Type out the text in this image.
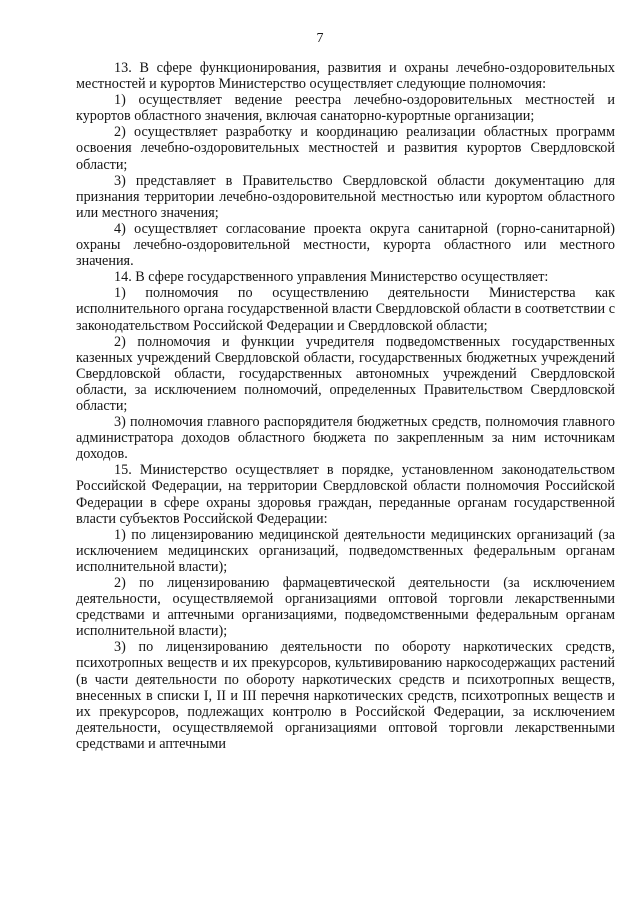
7

13. В сфере функционирования, развития и охраны лечебно-оздоровительных местностей и курортов Министерство осуществляет следующие полномочия:

1) осуществляет ведение реестра лечебно-оздоровительных местностей и курортов областного значения, включая санаторно-курортные организации;

2) осуществляет разработку и координацию реализации областных программ освоения лечебно-оздоровительных местностей и развития курортов Свердловской области;

3) представляет в Правительство Свердловской области документацию для признания территории лечебно-оздоровительной местностью или курортом областного или местного значения;

4) осуществляет согласование проекта округа санитарной (горно-санитарной) охраны лечебно-оздоровительной местности, курорта областного или местного значения.

14. В сфере государственного управления Министерство осуществляет:

1) полномочия по осуществлению деятельности Министерства как исполнительного органа государственной власти Свердловской области в соответствии с законодательством Российской Федерации и Свердловской области;

2) полномочия и функции учредителя подведомственных государственных казенных учреждений Свердловской области, государственных бюджетных учреждений Свердловской области, государственных автономных учреждений Свердловской области, за исключением полномочий, определенных Правительством Свердловской области;

3) полномочия главного распорядителя бюджетных средств, полномочия главного администратора доходов областного бюджета по закрепленным за ним источникам доходов.

15. Министерство осуществляет в порядке, установленном законодательством Российской Федерации, на территории Свердловской области полномочия Российской Федерации в сфере охраны здоровья граждан, переданные органам государственной власти субъектов Российской Федерации:

1) по лицензированию медицинской деятельности медицинских организаций (за исключением медицинских организаций, подведомственных федеральным органам исполнительной власти);

2) по лицензированию фармацевтической деятельности (за исключением деятельности, осуществляемой организациями оптовой торговли лекарственными средствами и аптечными организациями, подведомственными федеральным органам исполнительной власти);

3) по лицензированию деятельности по обороту наркотических средств, психотропных веществ и их прекурсоров, культивированию наркосодержащих растений (в части деятельности по обороту наркотических средств и психотропных веществ, внесенных в списки I, II и III перечня наркотических средств, психотропных веществ и их прекурсоров, подлежащих контролю в Российской Федерации, за исключением деятельности, осуществляемой организациями оптовой торговли лекарственными средствами и аптечными
